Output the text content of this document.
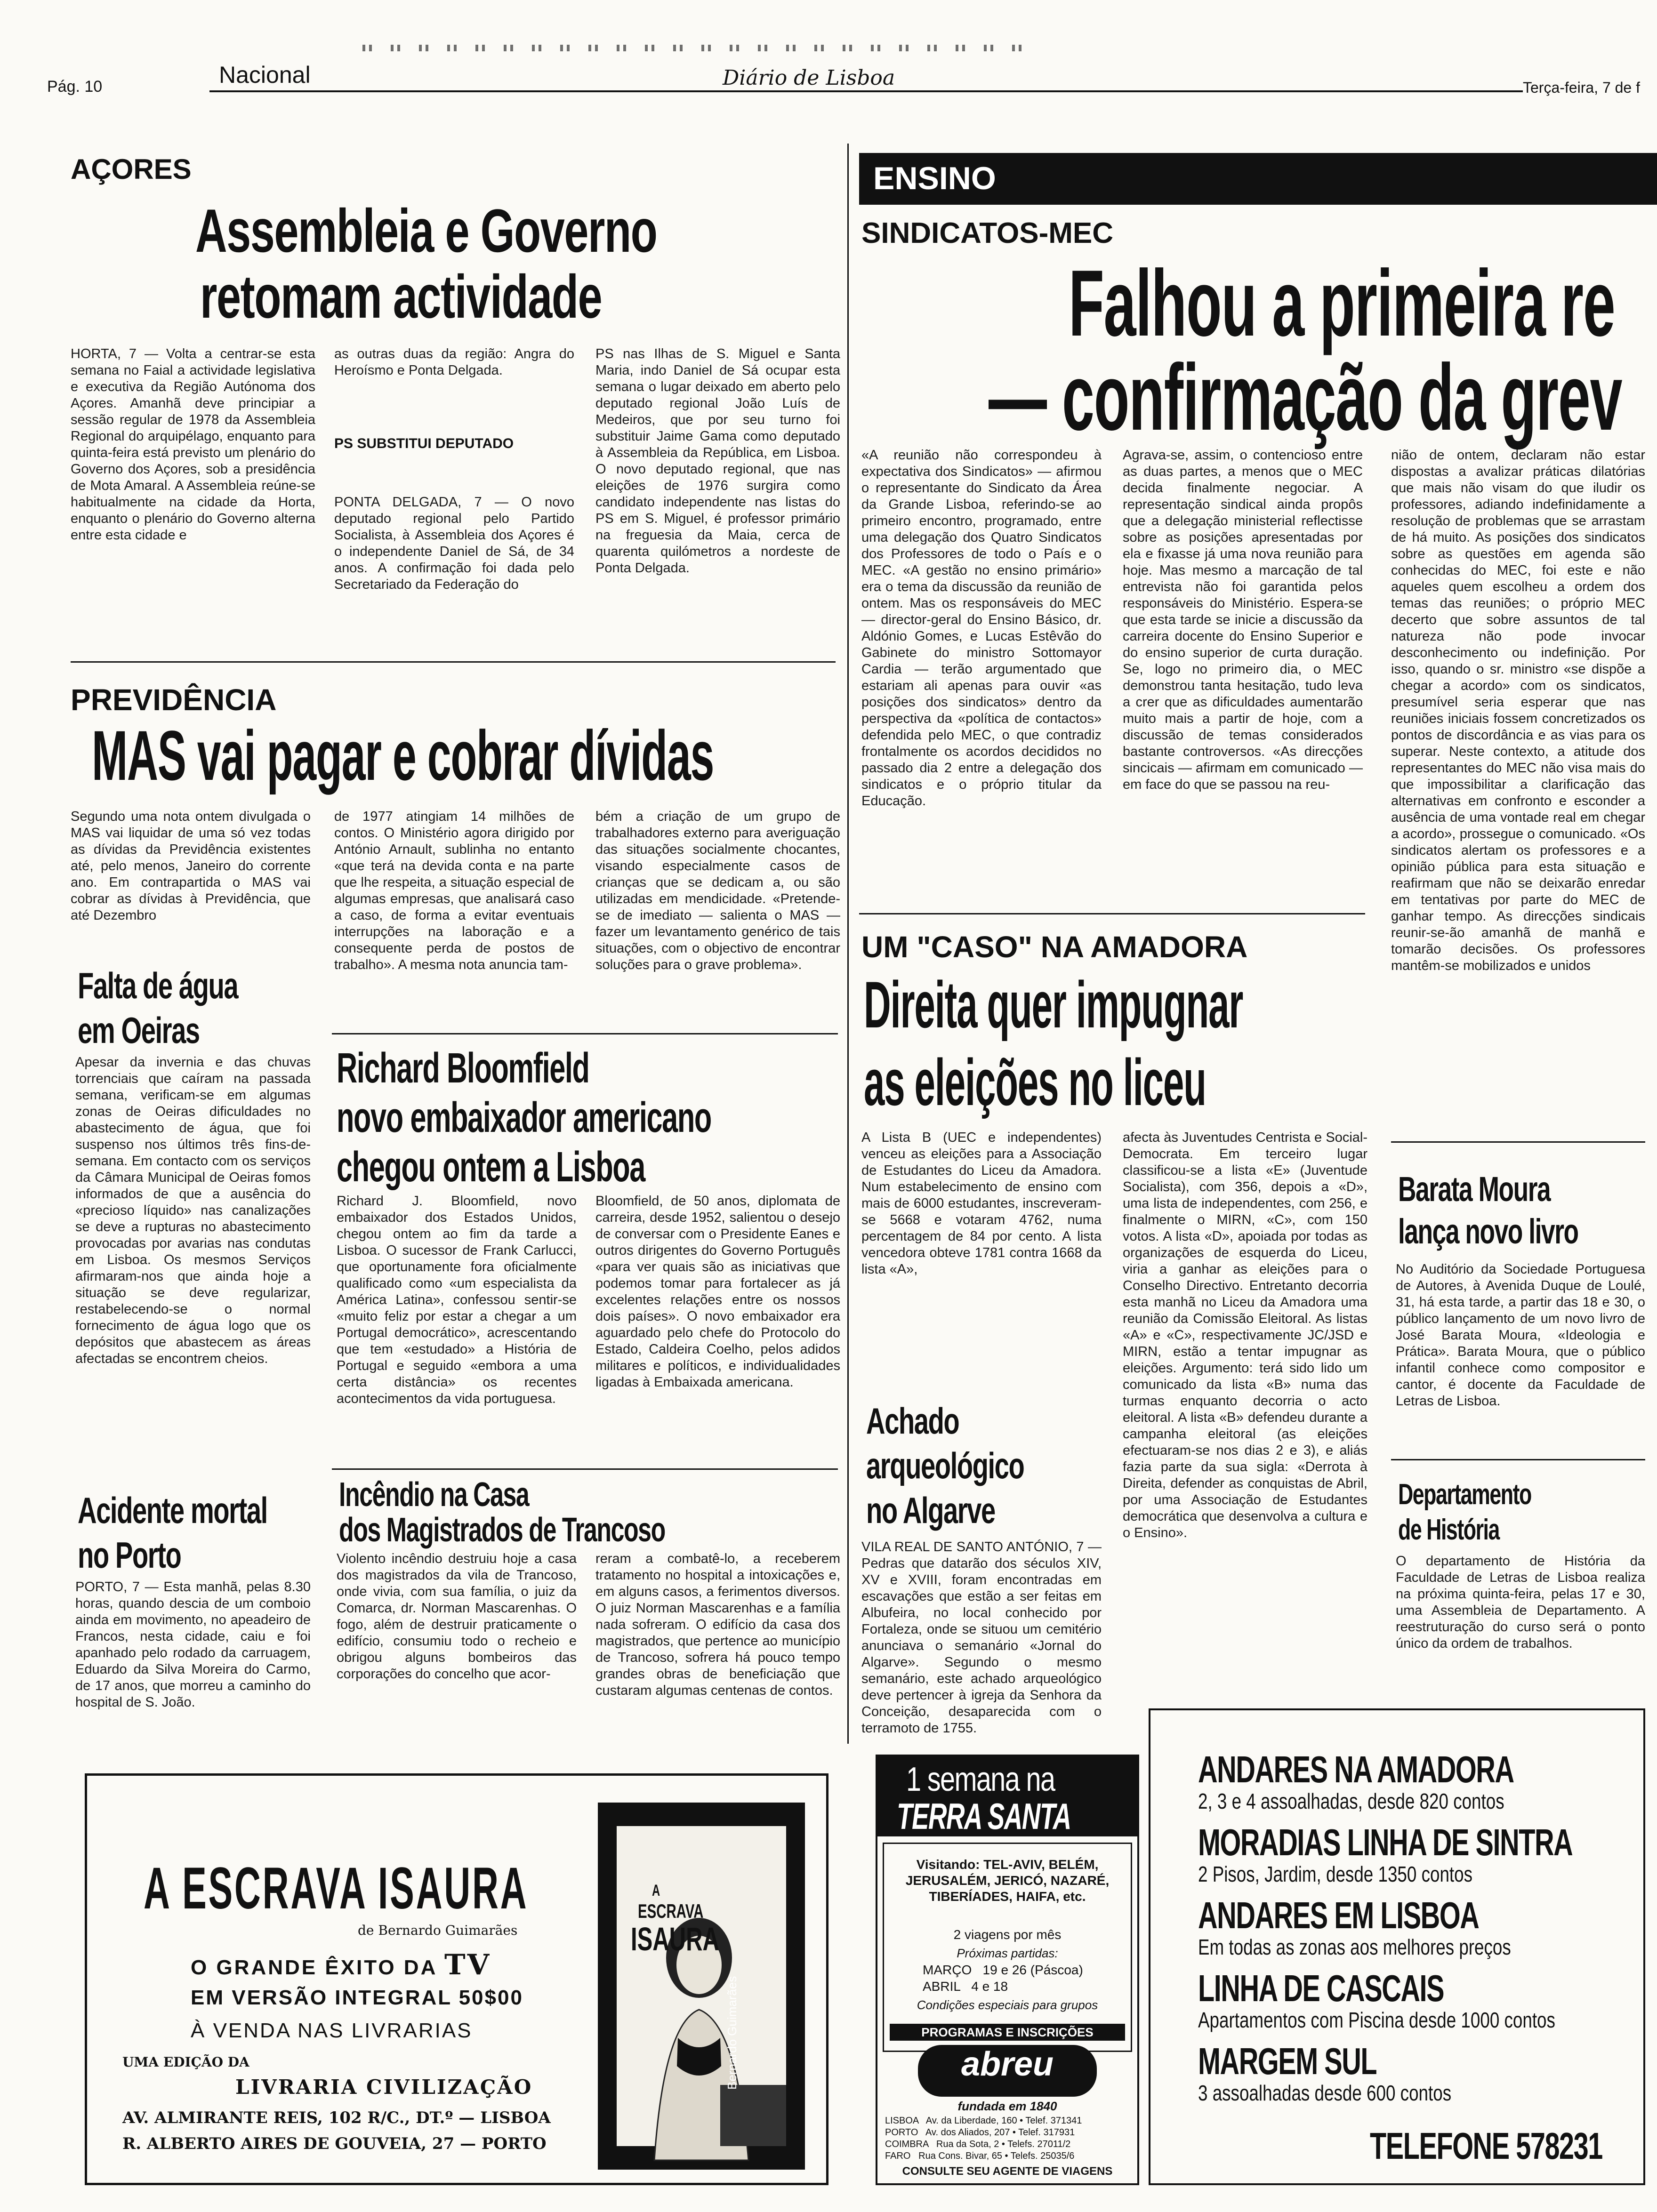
Pág. 10	Nacional	Diário de Lisboa	Terça-feira, 7 de f
AÇORES
Assembleia e Governo
retomam actividade
HORTA, 7 — Volta a centrar-se esta semana no Faial a actividade legislativa e executiva da Região Autónoma dos Açores. Amanhã deve principiar a sessão regular de 1978 da Assembleia Regional do arquipélago, enquanto para quinta-feira está previsto um plenário do Governo dos Açores, sob a presidência de Mota Amaral. A Assembleia reúne-se habitualmente na cidade da Horta, enquanto o plenário do Governo alterna entre esta cidade e
as outras duas da região: Angra do Heroísmo e Ponta Delgada.
PS SUBSTITUI DEPUTADO
PONTA DELGADA, 7 — O novo deputado regional pelo Partido Socialista, à Assembleia dos Açores é o independente Daniel de Sá, de 34 anos. A confirmação foi dada pelo Secretariado da Federação do
PS nas Ilhas de S. Miguel e Santa Maria, indo Daniel de Sá ocupar esta semana o lugar deixado em aberto pelo deputado regional João Luís de Medeiros, que por seu turno foi substituir Jaime Gama como deputado à Assembleia da República, em Lisboa. O novo deputado regional, que nas eleições de 1976 surgira como candidato independente nas listas do PS em S. Miguel, é professor primário na freguesia da Maia, cerca de quarenta quilómetros a nordeste de Ponta Delgada.
PREVIDÊNCIA
MAS vai pagar e cobrar dívidas
Segundo uma nota ontem divulgada o MAS vai liquidar de uma só vez todas as dívidas da Previdência existentes até, pelo menos, Janeiro do corrente ano. Em contrapartida o MAS vai cobrar as dívidas à Previdência, que até Dezembro
de 1977 atingiam 14 milhões de contos. O Ministério agora dirigido por António Arnault, sublinha no entanto «que terá na devida conta e na parte que lhe respeita, a situação especial de algumas empresas, que analisará caso a caso, de forma a evitar eventuais interrupções na laboração e a consequente perda de postos de trabalho». A mesma nota anuncia tam-
bém a criação de um grupo de trabalhadores externo para averiguação das situações socialmente chocantes, visando especialmente casos de crianças que se dedicam a, ou são utilizadas em mendicidade. «Pretende-se de imediato — salienta o MAS — fazer um levantamento genérico de tais situações, com o objectivo de encontrar soluções para o grave problema».
Falta de água
em Oeiras
Apesar da invernia e das chuvas torrenciais que caíram na passada semana, verificam-se em algumas zonas de Oeiras dificuldades no abastecimento de água, que foi suspenso nos últimos três fins-de-semana. Em contacto com os serviços da Câmara Municipal de Oeiras fomos informados de que a ausência do «precioso líquido» nas canalizações se deve a rupturas no abastecimento provocadas por avarias nas condutas em Lisboa. Os mesmos Serviços afirmaram-nos que ainda hoje a situação se deve regularizar, restabelecendo-se o normal fornecimento de água logo que os depósitos que abastecem as áreas afectadas se encontrem cheios.
Acidente mortal
no Porto
PORTO, 7 — Esta manhã, pelas 8.30 horas, quando descia de um comboio ainda em movimento, no apeadeiro de Francos, nesta cidade, caiu e foi apanhado pelo rodado da carruagem, Eduardo da Silva Moreira do Carmo, de 17 anos, que morreu a caminho do hospital de S. João.
Richard Bloomfield
novo embaixador americano
chegou ontem a Lisboa
Richard J. Bloomfield, novo embaixador dos Estados Unidos, chegou ontem ao fim da tarde a Lisboa. O sucessor de Frank Carlucci, que oportunamente fora oficialmente qualificado como «um especialista da América Latina», confessou sentir-se «muito feliz por estar a chegar a um Portugal democrático», acrescentando que tem «estudado» a História de Portugal e seguido «embora a uma certa distância» os recentes acontecimentos da vida portuguesa.
Bloomfield, de 50 anos, diplomata de carreira, desde 1952, salientou o desejo de conversar com o Presidente Eanes e outros dirigentes do Governo Português «para ver quais são as iniciativas que podemos tomar para fortalecer as já excelentes relações entre os nossos dois países». O novo embaixador era aguardado pelo chefe do Protocolo do Estado, Caldeira Coelho, pelos adidos militares e políticos, e individualidades ligadas à Embaixada americana.
Incêndio na Casa
dos Magistrados de Trancoso
Violento incêndio destruiu hoje a casa dos magistrados da vila de Trancoso, onde vivia, com sua família, o juiz da Comarca, dr. Norman Mascarenhas. O fogo, além de destruir praticamente o edifício, consumiu todo o recheio e obrigou alguns bombeiros das corporações do concelho que acor-
reram a combatê-lo, a receberem tratamento no hospital a intoxicações e, em alguns casos, a ferimentos diversos. O juiz Norman Mascarenhas e a família nada sofreram. O edifício da casa dos magistrados, que pertence ao município de Trancoso, sofrera há pouco tempo grandes obras de beneficiação que custaram algumas centenas de contos.
ENSINO
SINDICATOS-MEC
Falhou a primeira re
— confirmação da grev
«A reunião não correspondeu à expectativa dos Sindicatos» — afirmou o representante do Sindicato da Área da Grande Lisboa, referindo-se ao primeiro encontro, programado, entre uma delegação dos Quatro Sindicatos dos Professores de todo o País e o MEC. «A gestão no ensino primário» era o tema da discussão da reunião de ontem. Mas os responsáveis do MEC — director-geral do Ensino Básico, dr. Aldónio Gomes, e Lucas Estêvão do Gabinete do ministro Sottomayor Cardia — terão argumentado que estariam ali apenas para ouvir «as posições dos sindicatos» dentro da perspectiva da «política de contactos» defendida pelo MEC, o que contradiz frontalmente os acordos decididos no passado dia 2 entre a delegação dos sindicatos e o próprio titular da Educação.
Agrava-se, assim, o contencioso entre as duas partes, a menos que o MEC decida finalmente negociar. A representação sindical ainda propôs que a delegação ministerial reflectisse sobre as posições apresentadas por ela e fixasse já uma nova reunião para hoje. Mas mesmo a marcação de tal entrevista não foi garantida pelos responsáveis do Ministério. Espera-se que esta tarde se inicie a discussão da carreira docente do Ensino Superior e do ensino superior de curta duração. Se, logo no primeiro dia, o MEC demonstrou tanta hesitação, tudo leva a crer que as dificuldades aumentarão muito mais a partir de hoje, com a discussão de temas considerados bastante controversos. «As direcções sincicais — afirmam em comunicado — em face do que se passou na reu-
nião de ontem, declaram não estar dispostas a avalizar práticas dilatórias que mais não visam do que iludir os professores, adiando indefinidamente a resolução de problemas que se arrastam de há muito. As posições dos sindicatos sobre as questões em agenda são conhecidas do MEC, foi este e não aqueles quem escolheu a ordem dos temas das reuniões; o próprio MEC decerto que sobre assuntos de tal natureza não pode invocar desconhecimento ou indefinição. Por isso, quando o sr. ministro «se dispõe a chegar a acordo» com os sindicatos, presumível seria esperar que nas reuniões iniciais fossem concretizados os pontos de discordância e as vias para os superar. Neste contexto, a atitude dos representantes do MEC não visa mais do que impossibilitar a clarificação das alternativas em confronto e esconder a ausência de uma vontade real em chegar a acordo», prossegue o comunicado. «Os sindicatos alertam os professores e a opinião pública para esta situação e reafirmam que não se deixarão enredar em tentativas por parte do MEC de ganhar tempo. As direcções sindicais reunir-se-ão amanhã de manhã e tomarão decisões. Os professores mantêm-se mobilizados e unidos
UM "CASO" NA AMADORA
Direita quer impugnar
as eleições no liceu
A Lista B (UEC e independentes) venceu as eleições para a Associação de Estudantes do Liceu da Amadora. Num estabelecimento de ensino com mais de 6000 estudantes, inscreveram-se 5668 e votaram 4762, numa percentagem de 84 por cento. A lista vencedora obteve 1781 contra 1668 da lista «A»,
afecta às Juventudes Centrista e Social-Democrata. Em terceiro lugar classificou-se a lista «E» (Juventude Socialista), com 356, depois a «D», uma lista de independentes, com 256, e finalmente o MIRN, «C», com 150 votos. A lista «D», apoiada por todas as organizações de esquerda do Liceu, viria a ganhar as eleições para o Conselho Directivo. Entretanto decorria esta manhã no Liceu da Amadora uma reunião da Comissão Eleitoral. As listas «A» e «C», respectivamente JC/JSD e MIRN, estão a tentar impugnar as eleições. Argumento: terá sido lido um comunicado da lista «B» numa das turmas enquanto decorria o acto eleitoral. A lista «B» defendeu durante a campanha eleitoral (as eleições efectuaram-se nos dias 2 e 3), e aliás fazia parte da sua sigla: «Derrota à Direita, defender as conquistas de Abril, por uma Associação de Estudantes democrática que desenvolva a cultura e o Ensino».
Achado
arqueológico
no Algarve
VILA REAL DE SANTO ANTÓNIO, 7 — Pedras que datarão dos séculos XIV, XV e XVIII, foram encontradas em escavações que estão a ser feitas em Albufeira, no local conhecido por Fortaleza, onde se situou um cemitério anunciava o semanário «Jornal do Algarve». Segundo o mesmo semanário, este achado arqueológico deve pertencer à igreja da Senhora da Conceição, desaparecida com o terramoto de 1755.
Barata Moura
lança novo livro
No Auditório da Sociedade Portuguesa de Autores, à Avenida Duque de Loulé, 31, há esta tarde, a partir das 18 e 30, o público lançamento de um novo livro de José Barata Moura, «Ideologia e Prática». Barata Moura, que o público infantil conhece como compositor e cantor, é docente da Faculdade de Letras de Lisboa.
Departamento
de História
O departamento de História da Faculdade de Letras de Lisboa realiza na próxima quinta-feira, pelas 17 e 30, uma Assembleia de Departamento. A reestruturação do curso será o ponto único da ordem de trabalhos.
A ESCRAVA ISAURA
de Bernardo Guimarães
O GRANDE ÊXITO DA TV
EM VERSÃO INTEGRAL 50$00
À VENDA NAS LIVRARIAS
UMA EDIÇÃO DA
LIVRARIA CIVILIZAÇÃO
AV. ALMIRANTE REIS, 102 R/C., DT.º — LISBOA
R. ALBERTO AIRES DE GOUVEIA, 27 — PORTO
A
ESCRAVA
ISAURA
Bernardo Guimarães
1 semana na
TERRA SANTA
Visitando: TEL-AVIV, BELÉM, JERUSALÉM, JERICÓ, NAZARÉ, TIBERÍADES, HAIFA, etc.
2 viagens por mês
Próximas partidas:
MARÇO   19 e 26 (Páscoa)
ABRIL   4 e 18
Condições especiais para grupos
PROGRAMAS E INSCRIÇÕES
abreu
fundada em 1840
LISBOA   Av. da Liberdade, 160 • Telef. 371341
PORTO   Av. dos Aliados, 207 • Telef. 317931
COIMBRA   Rua da Sota, 2 • Telefs. 27011/2
FARO   Rua Cons. Bivar, 65 • Telefs. 25035/6
CONSULTE SEU AGENTE DE VIAGENS
ANDARES NA AMADORA
2, 3 e 4 assoalhadas, desde 820 contos
MORADIAS LINHA DE SINTRA
2 Pisos, Jardim, desde 1350 contos
ANDARES EM LISBOA
Em todas as zonas aos melhores preços
LINHA DE CASCAIS
Apartamentos com Piscina desde 1000 contos
MARGEM SUL
3 assoalhadas desde 600 contos
TELEFONE 578231
